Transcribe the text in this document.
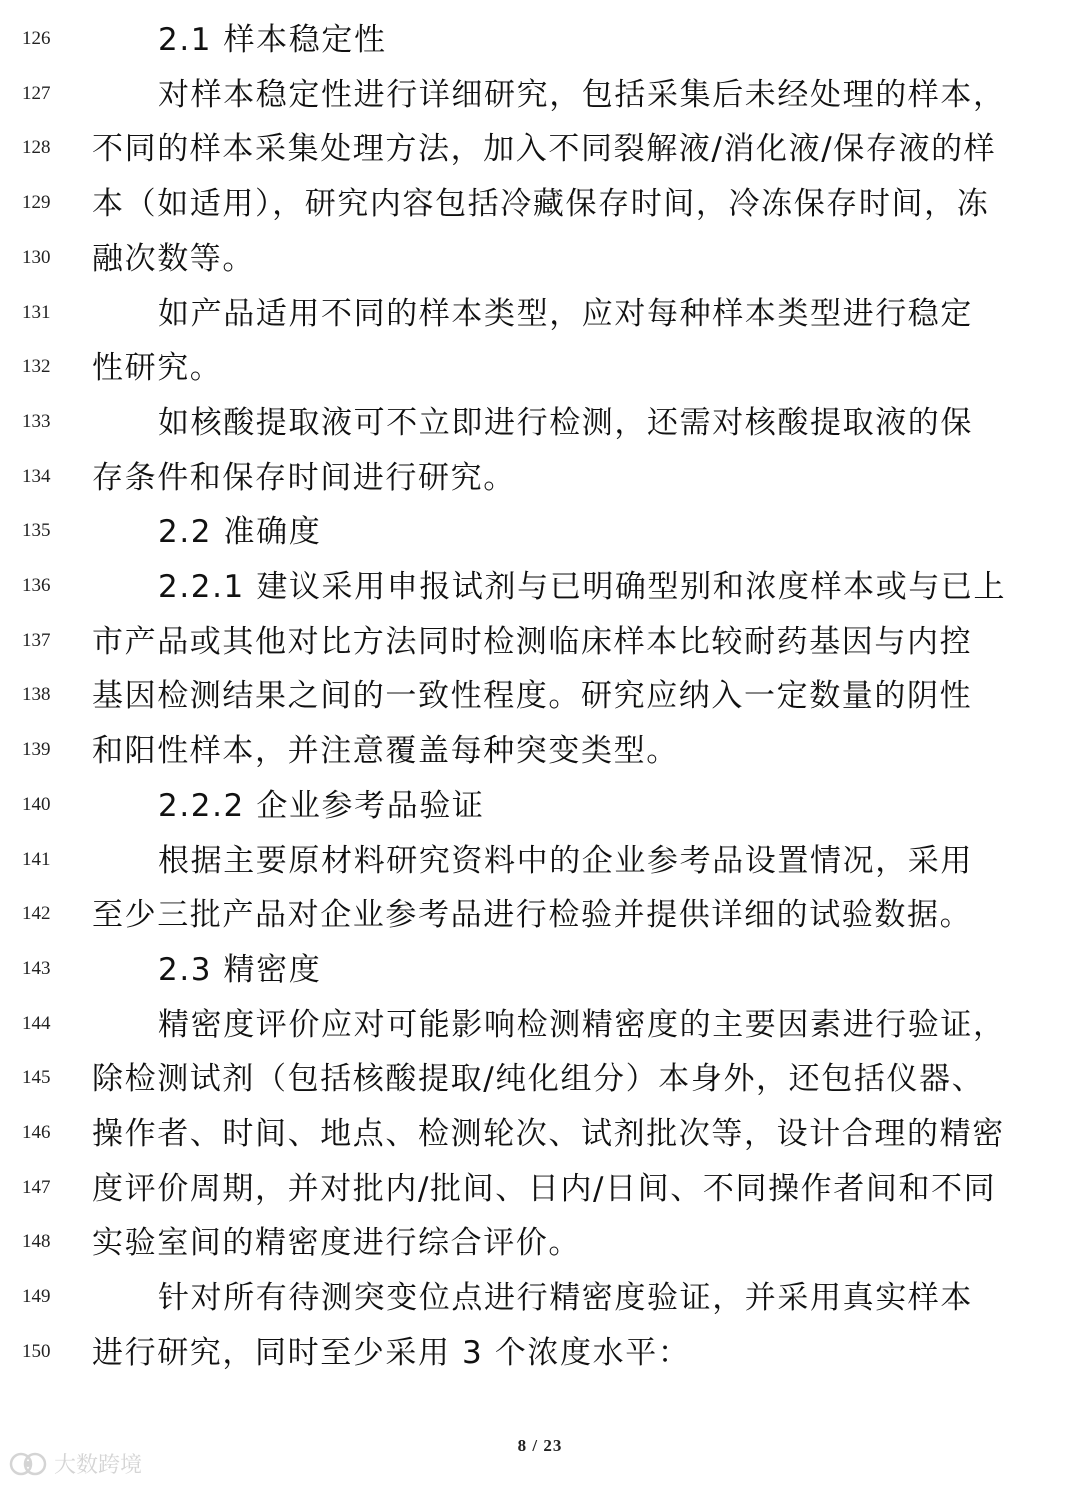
126	2.1 样本稳定性
127	对样本稳定性进行详细研究，包括采集后未经处理的样本，
128	不同的样本采集处理方法，加入不同裂解液/消化液/保存液的样
129	本（如适用），研究内容包括冷藏保存时间，冷冻保存时间，冻
130	融次数等。
131	如产品适用不同的样本类型，应对每种样本类型进行稳定
132	性研究。
133	如核酸提取液可不立即进行检测，还需对核酸提取液的保
134	存条件和保存时间进行研究。
135	2.2 准确度
136	2.2.1 建议采用申报试剂与已明确型别和浓度样本或与已上
137	市产品或其他对比方法同时检测临床样本比较耐药基因与内控
138	基因检测结果之间的一致性程度。研究应纳入一定数量的阴性
139	和阳性样本，并注意覆盖每种突变类型。
140	2.2.2 企业参考品验证
141	根据主要原材料研究资料中的企业参考品设置情况，采用
142	至少三批产品对企业参考品进行检验并提供详细的试验数据。
143	2.3 精密度
144	精密度评价应对可能影响检测精密度的主要因素进行验证，
145	除检测试剂（包括核酸提取/纯化组分）本身外，还包括仪器、
146	操作者、时间、地点、检测轮次、试剂批次等，设计合理的精密
147	度评价周期，并对批内/批间、日内/日间、不同操作者间和不同
148	实验室间的精密度进行综合评价。
149	针对所有待测突变位点进行精密度验证，并采用真实样本
150	进行研究，同时至少采用 3 个浓度水平：
8 / 23
大数跨境
